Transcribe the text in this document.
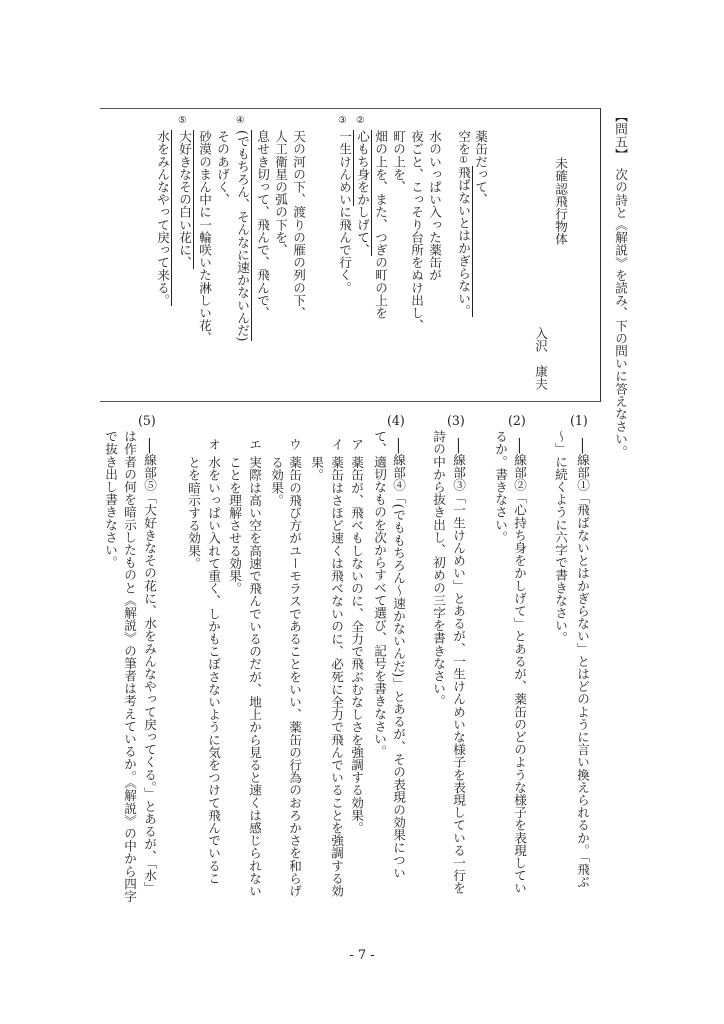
【問五】次の詩と《解説》を読み、下の問いに答えなさい。
未確認飛行物体
入沢　康夫
薬缶だって、
空を①飛ばないとはかぎらない。
水のいっぱい入った薬缶が
夜ごと、こっそり台所をぬけ出し、
町の上を、
畑の上を、また、つぎの町の上を
②
心もち身をかしげて、
③
一生けんめいに飛んで行く。
天の河の下、渡りの雁の列の下、
人工衛星の弧の下を、
息せき切って、飛んで、飛んで、
④
(でもちろん、そんなに速かないんだ)
そのあげく、
砂漠のまん中に一輪咲いた淋しい花、
⑤
大好きなその白い花に、
水をみんなやって戻って来る。
(1)
──線部①「飛ばないとはかぎらない」とはどのように言い換えられるか。「飛ぶ
〜」に続くように六字で書きなさい。
(2)
──線部②「心持ち身をかしげて」とあるが、薬缶のどのような様子を表現してい
るか。書きなさい。
(3)
──線部③「一生けんめい」とあるが、一生けんめいな様子を表現している一行を
詩の中から抜き出し、初めの三字を書きなさい。
(4)
──線部④「(でももちろん〜速かないんだ)」とあるが、その表現の効果につい
て、適切なものを次からすべて選び、記号を書きなさい。
ア薬缶が、飛べもしないのに、全力で飛ぶむなしさを強調する効果。
イ薬缶はさほど速くは飛べないのに、必死に全力で飛んでいることを強調する効
果。
ウ薬缶の飛び方がユーモラスであることをいい、薬缶の行為のおろかさを和らげ
る効果。
エ実際は高い空を高速で飛んでいるのだが、地上から見ると速くは感じられない
ことを理解させる効果。
オ水をいっぱい入れて重く、しかもこぼさないように気をつけて飛んでいるこ
とを暗示する効果。
(5)
──線部⑤「大好きなその花に、水をみんなやって戻ってくる。」とあるが、「水」
は作者の何を暗示したものと《解説》の筆者は考えているか。《解説》の中から四字
で抜き出し書きなさい。
- 7 -
